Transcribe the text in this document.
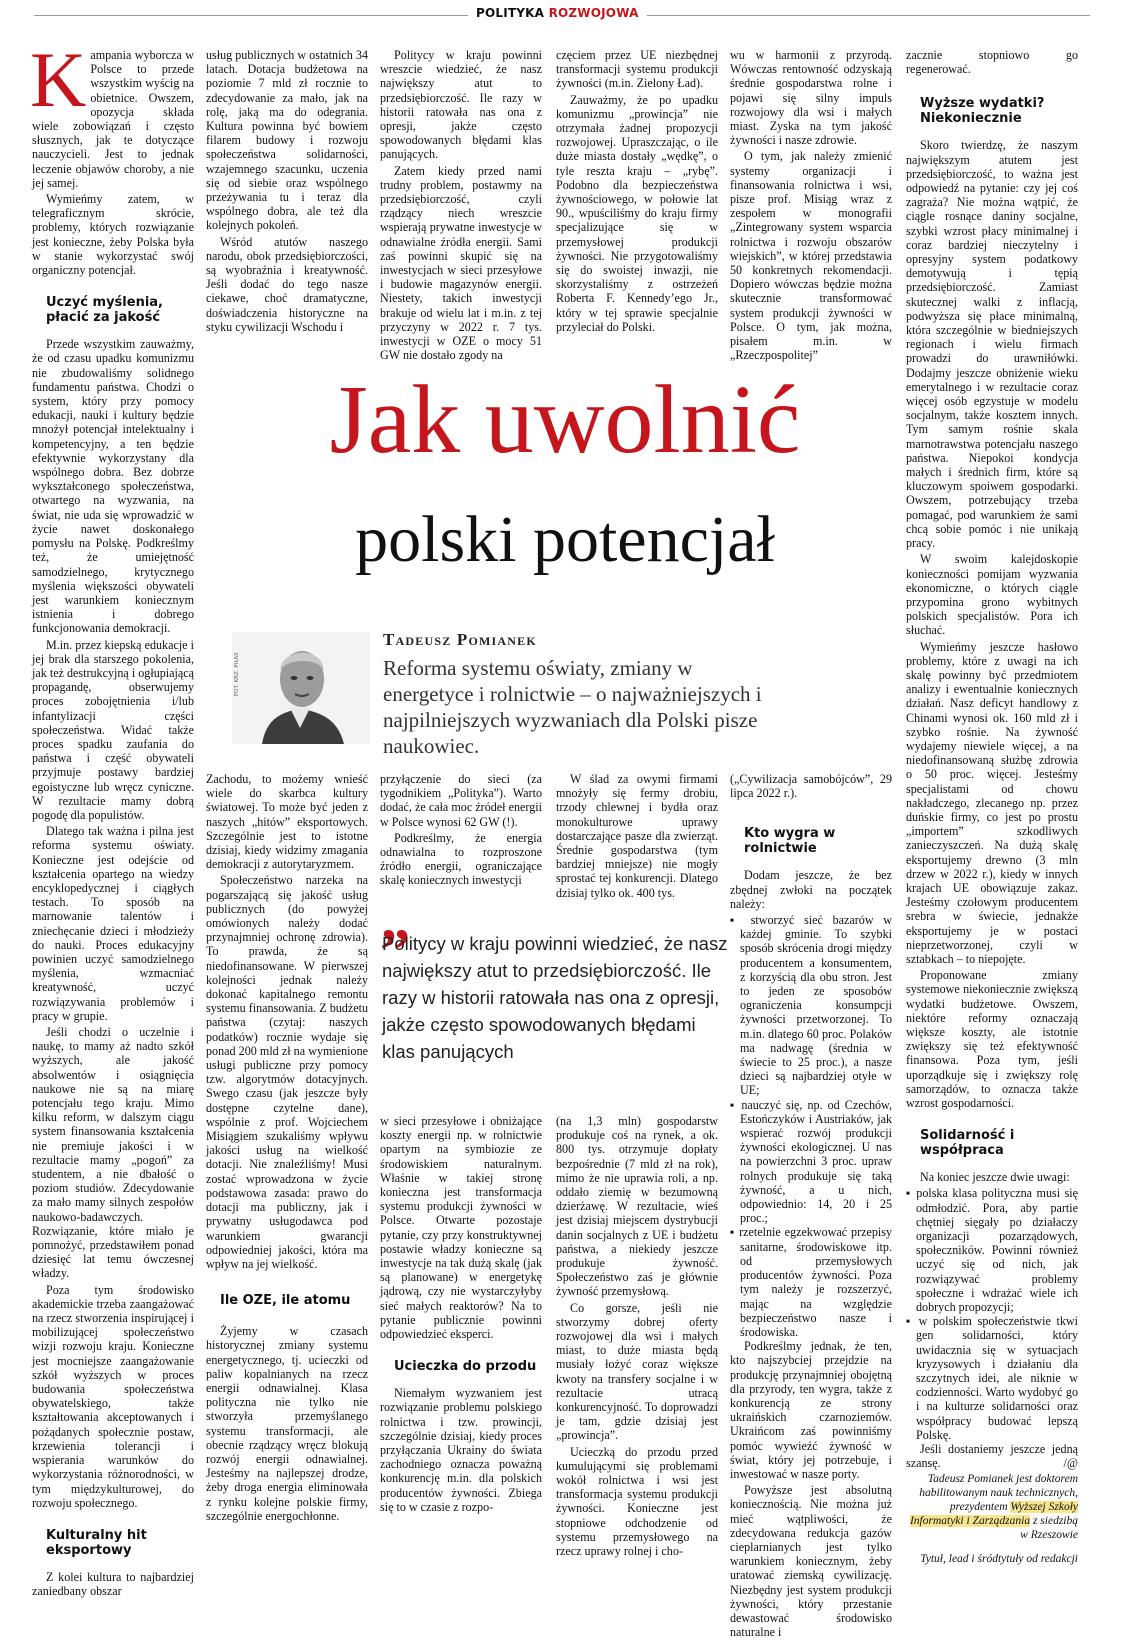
POLITYKA ROZWOJOWA
K ampania wyborcza w Polsce to przede wszystkim wyścig na obietnice. Owszem, opozycja składa wiele zobowiązań i często słusznych, jak te dotyczące nauczycieli. Jest to jednak leczenie objawów choroby, a nie jej samej.

Wymieńmy zatem, w telegraficznym skrócie, problemy, których rozwiązanie jest konieczne, żeby Polska była w stanie wykorzystać swój organiczny potencjał.

Uczyć myślenia, płacić za jakość

Przede wszystkim zauważmy, że od czasu upadku komunizmu nie zbudowaliśmy solidnego fundamentu państwa. Chodzi o system, który przy pomocy edukacji, nauki i kultury będzie mnożył potencjał intelektualny i kompetencyjny, a ten będzie efektywnie wykorzystany dla wspólnego dobra. Bez dobrze wykształconego społeczeństwa, otwartego na wyzwania, na świat, nie uda się wprowadzić w życie nawet doskonałego pomysłu na Polskę. Podkreślmy też, że umiejętność samodzielnego, krytycznego myślenia większości obywateli jest warunkiem koniecznym istnienia i dobrego funkcjonowania demokracji.

M.in. przez kiepską edukacje i jej brak dla starszego pokolenia, jak też destrukcyjną i ogłupiającą propagandę, obserwujemy proces zobojętnienia i/lub infantylizacji części społeczeństwa. Widać także proces spadku zaufania do państwa i część obywateli przyjmuje postawy bardziej egoistyczne lub wręcz cyniczne. W rezultacie mamy dobrą pogodę dla populistów.

Dlatego tak ważna i pilna jest reforma systemu oświaty. Konieczne jest odejście od kształcenia opartego na wiedzy encyklopedycznej i ciągłych testach. To sposób na marnowanie talentów i zniechęcanie dzieci i młodzieży do nauki. Proces edukacyjny powinien uczyć samodzielnego myślenia, wzmacniać kreatywność, uczyć rozwiązywania problemów i pracy w grupie.

Jeśli chodzi o uczelnie i naukę, to mamy aż nadto szkół wyższych, ale jakość absolwentów i osiągnięcia naukowe nie są na miarę potencjału tego kraju. Mimo kilku reform, w dalszym ciągu system finansowania kształcenia nie premiuje jakości i w rezultacie mamy „pogoń” za studentem, a nie dbałość o poziom studiów. Zdecydowanie za mało mamy silnych zespołów naukowo-badawczych. Rozwiązanie, które miało je pomnożyć, przedstawiłem ponad dziesięć lat temu ówczesnej władzy.

Poza tym środowisko akademickie trzeba zaangażować na rzecz stworzenia inspirującej i mobilizującej społeczeństwo wizji rozwoju kraju. Konieczne jest mocniejsze zaangażowanie szkół wyższych w proces budowania społeczeństwa obywatelskiego, także kształtowania akceptowanych i pożądanych społecznie postaw, krzewienia tolerancji i wspierania warunków do wykorzystania różnorodności, w tym międzykulturowej, do rozwoju społecznego.

Kulturalny hit eksportowy

Z kolei kultura to najbardziej zaniedbany obszar

usług publicznych w ostatnich 34 latach. Dotacja budżetowa na poziomie 7 mld zł rocznie to zdecydowanie za mało, jak na rolę, jaką ma do odegrania. Kultura powinna być bowiem filarem budowy i rozwoju społeczeństwa solidarności, wzajemnego szacunku, uczenia się od siebie oraz wspólnego przeżywania tu i teraz dla wspólnego dobra, ale też dla kolejnych pokoleń.

Wśród atutów naszego narodu, obok przedsiębiorczości, są wyobraźnia i kreatywność. Jeśli dodać do tego nasze ciekawe, choć dramatyczne, doświadczenia historyczne na styku cywilizacji Wschodu i

Politycy w kraju powinni wreszcie wiedzieć, że nasz największy atut to przedsiębiorczość. Ile razy w historii ratowała nas ona z opresji, jakże często spowodowanych błędami klas panujących.

Zatem kiedy przed nami trudny problem, postawmy na przedsiębiorczość, czyli rządzący niech wreszcie wspierają prywatne inwestycje w odnawialne źródła energii. Sami zaś powinni skupić się na inwestycjach w sieci przesyłowe i budowie magazynów energii. Niestety, takich inwestycji brakuje od wielu lat i m.in. z tej przyczyny w 2022 r. 7 tys. inwestycji w OZE o mocy 51 GW nie dostało zgody na

częciem przez UE niezbędnej transformacji systemu produkcji żywności (m.in. Zielony Ład).

Zauważmy, że po upadku komunizmu „prowincja” nie otrzymała żadnej propozycji rozwojowej. Upraszczając, o ile duże miasta dostały „wędkę”, o tyle reszta kraju – „rybę”. Podobno dla bezpieczeństwa żywnościowego, w połowie lat 90., wpuściliśmy do kraju firmy specjalizujące się w przemysłowej produkcji żywności. Nie przygotowaliśmy się do swoistej inwazji, nie skorzystaliśmy z ostrzeżeń Roberta F. Kennedy’ego Jr., który w tej sprawie specjalnie przyleciał do Polski.

wu w harmonii z przyrodą. Wówczas rentowność odzyskają średnie gospodarstwa rolne i pojawi się silny impuls rozwojowy dla wsi i małych miast. Zyska na tym jakość żywności i nasze zdrowie.

O tym, jak należy zmienić systemy organizacji i finansowania rolnictwa i wsi, pisze prof. Misiąg wraz z zespołem w monografii „Zintegrowany system wsparcia rolnictwa i rozwoju obszarów wiejskich”, w której przedstawia 50 konkretnych rekomendacji. Dopiero wówczas będzie można skutecznie transformować system produkcji żywności w Polsce. O tym, jak można, pisałem m.in. w „Rzeczpospolitej”

zacznie stopniowo go regenerować.

Wyższe wydatki? Niekoniecznie

Skoro twierdzę, że naszym największym atutem jest przedsiębiorczość, to ważna jest odpowiedź na pytanie: czy jej coś zagraża? Nie można wątpić, że ciągle rosnące daniny socjalne, szybki wzrost płacy minimalnej i coraz bardziej nieczytelny i opresyjny system podatkowy demotywują i tępią przedsiębiorczość. Zamiast skutecznej walki z inflacją, podwyższa się płace minimalną, która szczególnie w biedniejszych regionach i wielu firmach prowadzi do urawniłówki. Dodajmy jeszcze obniżenie wieku emerytalnego i w rezultacie coraz więcej osób egzystuje w modelu socjalnym, także kosztem innych. Tym samym rośnie skala marnotrawstwa potencjału naszego państwa. Niepokoi kondycja małych i średnich firm, które są kluczowym spoiwem gospodarki. Owszem, potrzebujący trzeba pomagać, pod warunkiem że sami chcą sobie pomóc i nie unikają pracy.

W swoim kalejdoskopie konieczności pomijam wyzwania ekonomiczne, o których ciągle przypomina grono wybitnych polskich specjalistów. Pora ich słuchać.

Wymieńmy jeszcze hasłowo problemy, które z uwagi na ich skalę powinny być przedmiotem analizy i ewentualnie koniecznych działań. Nasz deficyt handlowy z Chinami wynosi ok. 160 mld zł i szybko rośnie. Na żywność wydajemy niewiele więcej, a na niedofinansowaną służbę zdrowia o 50 proc. więcej. Jesteśmy specjalistami od chowu nakładczego, zlecanego np. przez duńskie firmy, co jest po prostu „importem” szkodliwych zanieczyszczeń. Na dużą skalę eksportujemy drewno (3 mln drzew w 2022 r.), kiedy w innych krajach UE obowiązuje zakaz. Jesteśmy czołowym producentem srebra w świecie, jednakże eksportujemy je w postaci nieprzetworzonej, czyli w sztabkach – to niepojęte.

Proponowane zmiany systemowe niekoniecznie zwiększą wydatki budżetowe. Owszem, niektóre reformy oznaczają większe koszty, ale istotnie zwiększy się też efektywność finansowa. Poza tym, jeśli uporządkuje się i zwiększy rolę samorządów, to oznacza także wzrost gospodarności.

Solidarność i współpraca

Na koniec jeszcze dwie uwagi:

▪ polska klasa polityczna musi się odmłodzić. Pora, aby partie chętniej sięgały po działaczy organizacji pozarządowych, społeczników. Powinni również uczyć się od nich, jak rozwiązywać problemy społeczne i wdrażać wiele ich dobrych propozycji;
▪ w polskim społeczeństwie tkwi gen solidarności, który uwidacznia się w sytuacjach kryzysowych i działaniu dla szczytnych idei, ale niknie w codzienności. Warto wydobyć go i na kulturze solidarności oraz współpracy budować lepszą Polskę.

Jeśli dostaniemy jeszcze jedną szansę.	/@

Tadeusz Pomianek jest doktorem habilitowanym nauk technicznych, prezydentem Wyższej Szkoły Informatyki i Zarządzania z siedzibą w Rzeszowie
Tytuł, lead i śródtytuły od redakcji
Jak uwolnić
polski potencjał
FOT. KRZ. PIŁAS
Tadeusz Pomianek
Reforma systemu oświaty, zmiany w energetyce i rolnictwie – o najważniejszych i najpilniejszych wyzwaniach dla Polski pisze naukowiec.

Zachodu, to możemy wnieść wiele do skarbca kultury światowej. To może być jeden z naszych „hitów” eksportowych. Szczególnie jest to istotne dzisiaj, kiedy widzimy zmagania demokracji z autorytaryzmem.

Społeczeństwo narzeka na pogarszającą się jakość usług publicznych (do powyżej omówionych należy dodać przynajmniej ochronę zdrowia). To prawda, że są niedofinansowane. W pierwszej kolejności jednak należy dokonać kapitalnego remontu systemu finansowania. Z budżetu państwa (czytaj: naszych podatków) rocznie wydaje się ponad 200 mld zł na wymienione usługi publiczne przy pomocy tzw. algorytmów dotacyjnych. Swego czasu (jak jeszcze były dostępne czytelne dane), wspólnie z prof. Wojciechem Misiągiem szukaliśmy wpływu jakości usług na wielkość dotacji. Nie znaleźliśmy! Musi zostać wprowadzona w życie podstawowa zasada: prawo do dotacji ma publiczny, jak i prywatny usługodawca pod warunkiem gwarancji odpowiedniej jakości, która ma wpływ na jej wielkość.

Ile OZE, ile atomu

Żyjemy w czasach historycznej zmiany systemu energetycznego, tj. ucieczki od paliw kopalnianych na rzecz energii odnawialnej. Klasa polityczna nie tylko nie stworzyła przemyślanego systemu transformacji, ale obecnie rządzący wręcz blokują rozwój energii odnawialnej. Jesteśmy na najlepszej drodze, żeby droga energia eliminowała z rynku kolejne polskie firmy, szczególnie energochłonne.

przyłączenie do sieci (za tygodnikiem „Polityka”). Warto dodać, że cała moc źródeł energii w Polsce wynosi 62 GW (!).

Podkreślmy, że energia odnawialna to rozproszone źródło energii, ograniczające skalę koniecznych inwestycji

W ślad za owymi firmami mnożyły się fermy drobiu, trzody chlewnej i bydła oraz monokulturowe uprawy dostarczające pasze dla zwierząt. Średnie gospodarstwa (tym bardziej mniejsze) nie mogły sprostać tej konkurencji. Dlatego dzisiaj tylko ok. 400 tys.

”
Politycy w kraju powinni wiedzieć, że nasz największy atut to przedsiębiorczość. Ile razy w historii ratowała nas ona z opresji, jakże często spowodowanych błędami klas panujących

w sieci przesyłowe i obniżające koszty energii np. w rolnictwie opartym na symbiozie ze środowiskiem naturalnym. Właśnie w takiej stronę konieczna jest transformacja systemu produkcji żywności w Polsce. Otwarte pozostaje pytanie, czy przy konstruktywnej postawie władzy konieczne są inwestycje na tak dużą skalę (jak są planowane) w energetykę jądrową, czy nie wystarczyłyby sieć małych reaktorów? Na to pytanie publicznie powinni odpowiedzieć eksperci.

Ucieczka do przodu

Niemałym wyzwaniem jest rozwiązanie problemu polskiego rolnictwa i tzw. prowincji, szczególnie dzisiaj, kiedy proces przyłączania Ukrainy do świata zachodniego oznacza poważną konkurencję m.in. dla polskich producentów żywności. Zbiega się to w czasie z rozpo-

(na 1,3 mln) gospodarstw produkuje coś na rynek, a ok. 800 tys. otrzymuje dopłaty bezpośrednie (7 mld zł na rok), mimo że nie uprawia roli, a np. oddało ziemię w bezumowną dzierżawę. W rezultacie, wieś jest dzisiaj miejscem dystrybucji danin socjalnych z UE i budżetu państwa, a niekiedy jeszcze produkuje żywność. Społeczeństwo zaś je głównie żywność przemysłową.

Co gorsze, jeśli nie stworzymy dobrej oferty rozwojowej dla wsi i małych miast, to duże miasta będą musiały łożyć coraz większe kwoty na transfery socjalne i w rezultacie utracą konkurencyjność. To doprowadzi je tam, gdzie dzisiaj jest „prowincja”.

Ucieczką do przodu przed kumulującymi się problemami wokół rolnictwa i wsi jest transformacja systemu produkcji żywności. Konieczne jest stopniowe odchodzenie od systemu przemysłowego na rzecz uprawy rolnej i cho-

(„Cywilizacja samobójców”, 29 lipca 2022 r.).

Kto wygra w rolnictwie

Dodam jeszcze, że bez zbędnej zwłoki na początek należy:

▪ stworzyć sieć bazarów w każdej gminie. To szybki sposób skrócenia drogi między producentem a konsumentem, z korzyścią dla obu stron. Jest to jeden ze sposobów ograniczenia konsumpcji żywności przetworzonej. To m.in. dlatego 60 proc. Polaków ma nadwagę (średnia w świecie to 25 proc.), a nasze dzieci są najbardziej otyłe w UE;
▪ nauczyć się, np. od Czechów, Estończyków i Austriaków, jak wspierać rozwój produkcji żywności ekologicznej. U nas na powierzchni 3 proc. upraw rolnych produkuje się taką żywność, a u nich, odpowiednio: 14, 20 i 25 proc.;
▪ rzetelnie egzekwować przepisy sanitarne, środowiskowe itp. od przemysłowych producentów żywności. Poza tym należy je rozszerzyć, mając na względzie bezpieczeństwo nasze i środowiska.

Podkreślmy jednak, że ten, kto najszybciej przejdzie na produkcję przynajmniej obojętną dla przyrody, ten wygra, także z konkurencją ze strony ukraińskich czarnoziemów. Ukraińcom zaś powinniśmy pomóc wywieźć żywność w świat, który jej potrzebuje, i inwestować w nasze porty.

Powyższe jest absolutną koniecznością. Nie można już mieć wątpliwości, że zdecydowana redukcja gazów cieplarnianych jest tylko warunkiem koniecznym, żeby uratować ziemską cywilizację. Niezbędny jest system produkcji żywności, który przestanie dewastować środowisko naturalne i
